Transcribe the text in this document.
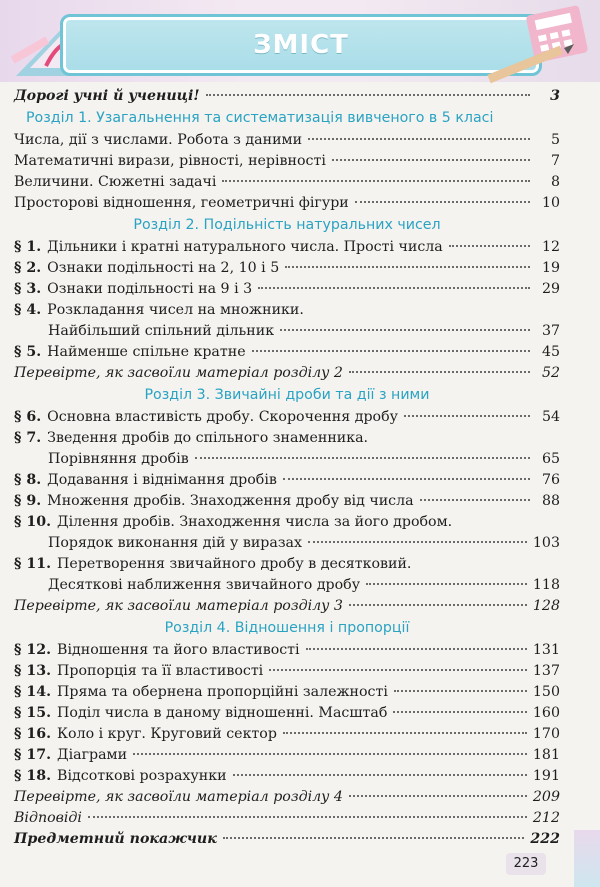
ЗМІСТ
Дорогі учні й учениці!	3
Розділ 1. Узагальнення та систематизація вивченого в 5 класі
Числа, дії з числами. Робота з даними	5
Математичні вирази, рівності, нерівності	7
Величини. Сюжетні задачі	8
Просторові відношення, геометричні фігури	10
Розділ 2. Подільність натуральних чисел
§ 1. Дільники і кратні натурального числа. Прості числа	12
§ 2. Ознаки подільності на 2, 10 і 5	19
§ 3. Ознаки подільності на 9 і 3	29
§ 4. Розкладання чисел на множники.
Найбільший спільний дільник	37
§ 5. Найменше спільне кратне	45
Перевірте, як засвоїли матеріал розділу 2	52
Розділ 3. Звичайні дроби та дії з ними
§ 6. Основна властивість дробу. Скорочення дробу	54
§ 7. Зведення дробів до спільного знаменника.
Порівняння дробів	65
§ 8. Додавання і віднімання дробів	76
§ 9. Множення дробів. Знаходження дробу від числа	88
§ 10. Ділення дробів. Знаходження числа за його дробом.
Порядок виконання дій у виразах	103
§ 11. Перетворення звичайного дробу в десятковий.
Десяткові наближення звичайного дробу	118
Перевірте, як засвоїли матеріал розділу 3	128
Розділ 4. Відношення і пропорції
§ 12. Відношення та його властивості	131
§ 13. Пропорція та її властивості	137
§ 14. Пряма та обернена пропорційні залежності	150
§ 15. Поділ числа в даному відношенні. Масштаб	160
§ 16. Коло і круг. Круговий сектор	170
§ 17. Діаграми	181
§ 18. Відсоткові розрахунки	191
Перевірте, як засвоїли матеріал розділу 4	209
Відповіді	212
Предметний покажчик	222
223
